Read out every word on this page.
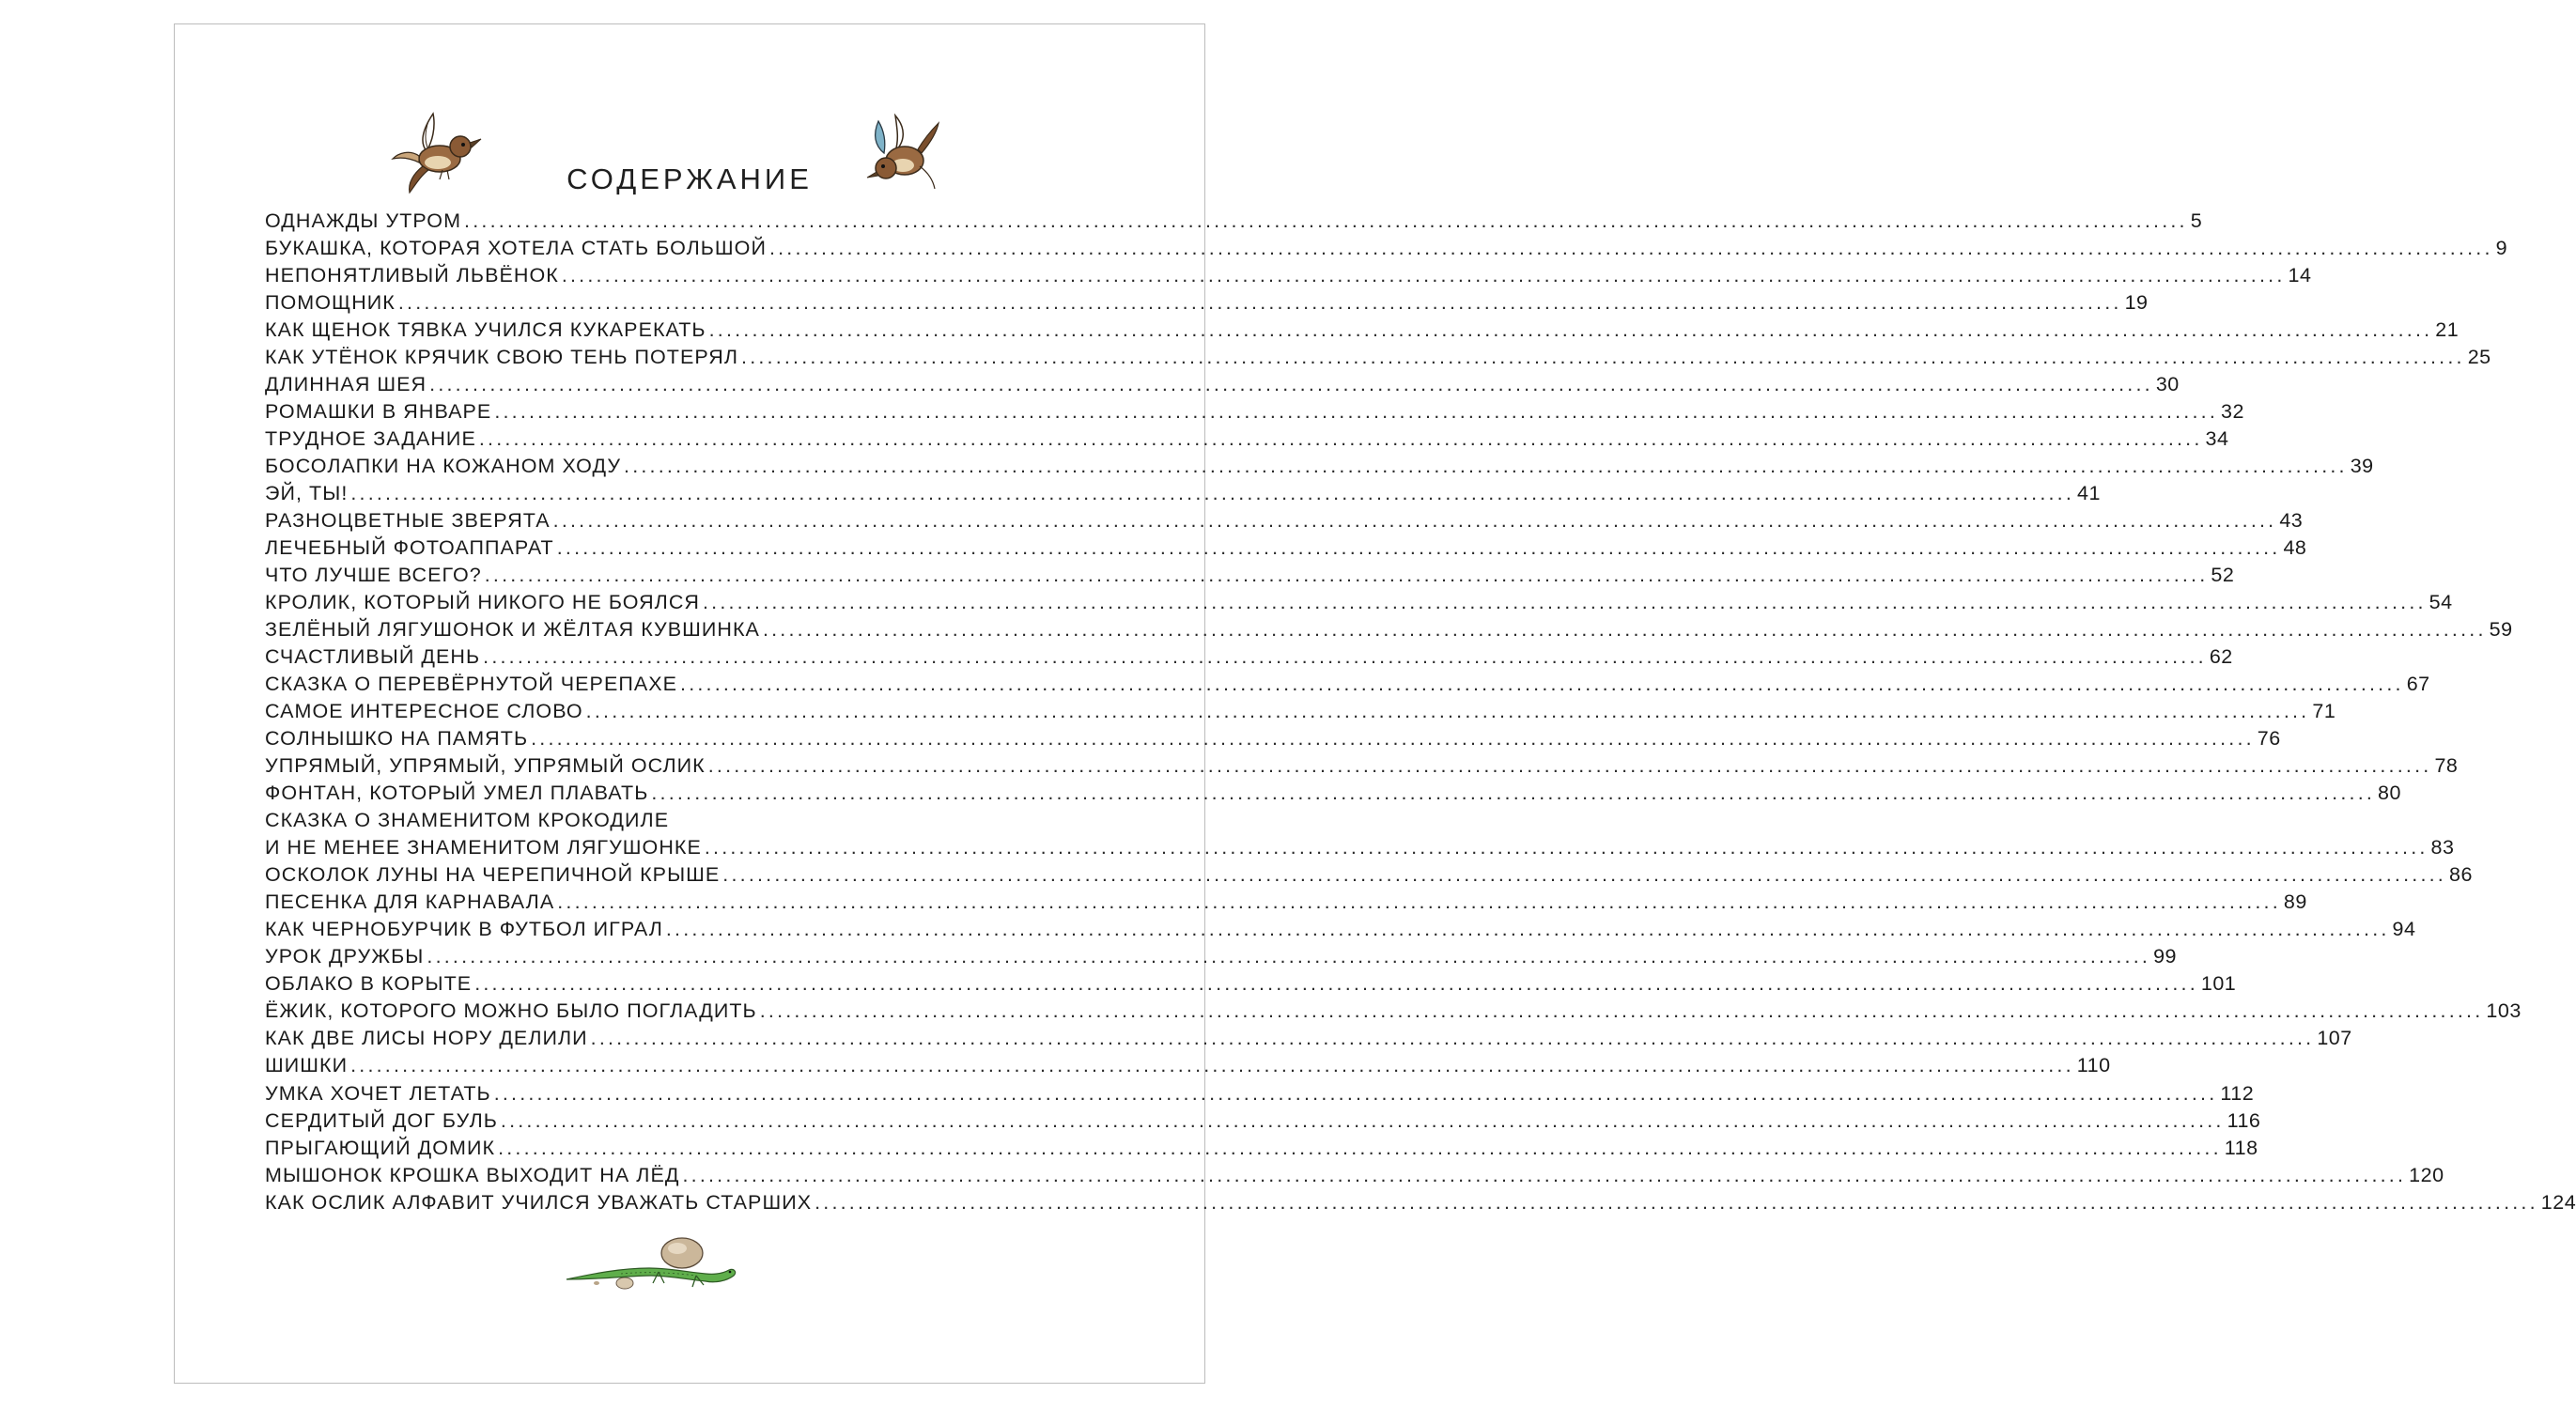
СОДЕРЖАНИЕ
ОДНАЖДЫ УТРОМ ........................................................................................................................................................................................................ 5
БУКАШКА, КОТОРАЯ ХОТЕЛА СТАТЬ БОЛЬШОЙ ........................................................................................................................................................................................................ 9
НЕПОНЯТЛИВЫЙ ЛЬВЁНОК ........................................................................................................................................................................................................ 14
ПОМОЩНИК ........................................................................................................................................................................................................ 19
КАК ЩЕНОК ТЯВКА УЧИЛСЯ КУКАРЕКАТЬ ........................................................................................................................................................................................................ 21
КАК УТЁНОК КРЯЧИК СВОЮ ТЕНЬ ПОТЕРЯЛ ........................................................................................................................................................................................................ 25
ДЛИННАЯ ШЕЯ ........................................................................................................................................................................................................ 30
РОМАШКИ В ЯНВАРЕ ........................................................................................................................................................................................................ 32
ТРУДНОЕ ЗАДАНИЕ ........................................................................................................................................................................................................ 34
БОСОЛАПКИ НА КОЖАНОМ ХОДУ ........................................................................................................................................................................................................ 39
ЭЙ, ТЫ! ........................................................................................................................................................................................................ 41
РАЗНОЦВЕТНЫЕ ЗВЕРЯТА ........................................................................................................................................................................................................ 43
ЛЕЧЕБНЫЙ ФОТОАППАРАТ ........................................................................................................................................................................................................ 48
ЧТО ЛУЧШЕ ВСЕГО? ........................................................................................................................................................................................................ 52
КРОЛИК, КОТОРЫЙ НИКОГО НЕ БОЯЛСЯ ........................................................................................................................................................................................................ 54
ЗЕЛЁНЫЙ ЛЯГУШОНОК И ЖЁЛТАЯ КУВШИНКА ........................................................................................................................................................................................................ 59
СЧАСТЛИВЫЙ ДЕНЬ ........................................................................................................................................................................................................ 62
СКАЗКА О ПЕРЕВЁРНУТОЙ ЧЕРЕПАХЕ ........................................................................................................................................................................................................ 67
САМОЕ ИНТЕРЕСНОЕ СЛОВО ........................................................................................................................................................................................................ 71
СОЛНЫШКО НА ПАМЯТЬ ........................................................................................................................................................................................................ 76
УПРЯМЫЙ, УПРЯМЫЙ, УПРЯМЫЙ ОСЛИК ........................................................................................................................................................................................................ 78
ФОНТАН, КОТОРЫЙ УМЕЛ ПЛАВАТЬ ........................................................................................................................................................................................................ 80
СКАЗКА О ЗНАМЕНИТОМ КРОКОДИЛЕ
И НЕ МЕНЕЕ ЗНАМЕНИТОМ ЛЯГУШОНКЕ ........................................................................................................................................................................................................ 83
ОСКОЛОК ЛУНЫ НА ЧЕРЕПИЧНОЙ КРЫШЕ ........................................................................................................................................................................................................ 86
ПЕСЕНКА ДЛЯ КАРНАВАЛА ........................................................................................................................................................................................................ 89
КАК ЧЕРНОБУРЧИК В ФУТБОЛ ИГРАЛ ........................................................................................................................................................................................................ 94
УРОК ДРУЖБЫ ........................................................................................................................................................................................................ 99
ОБЛАКО В КОРЫТЕ ........................................................................................................................................................................................................ 101
ЁЖИК, КОТОРОГО МОЖНО БЫЛО ПОГЛАДИТЬ ........................................................................................................................................................................................................ 103
КАК ДВЕ ЛИСЫ НОРУ ДЕЛИЛИ ........................................................................................................................................................................................................ 107
ШИШКИ ........................................................................................................................................................................................................ 110
УМКА ХОЧЕТ ЛЕТАТЬ ........................................................................................................................................................................................................ 112
СЕРДИТЫЙ ДОГ БУЛЬ ........................................................................................................................................................................................................ 116
ПРЫГАЮЩИЙ ДОМИК ........................................................................................................................................................................................................ 118
МЫШОНОК КРОШКА ВЫХОДИТ НА ЛЁД ........................................................................................................................................................................................................ 120
КАК ОСЛИК АЛФАВИТ УЧИЛСЯ УВАЖАТЬ СТАРШИХ ........................................................................................................................................................................................................ 124
